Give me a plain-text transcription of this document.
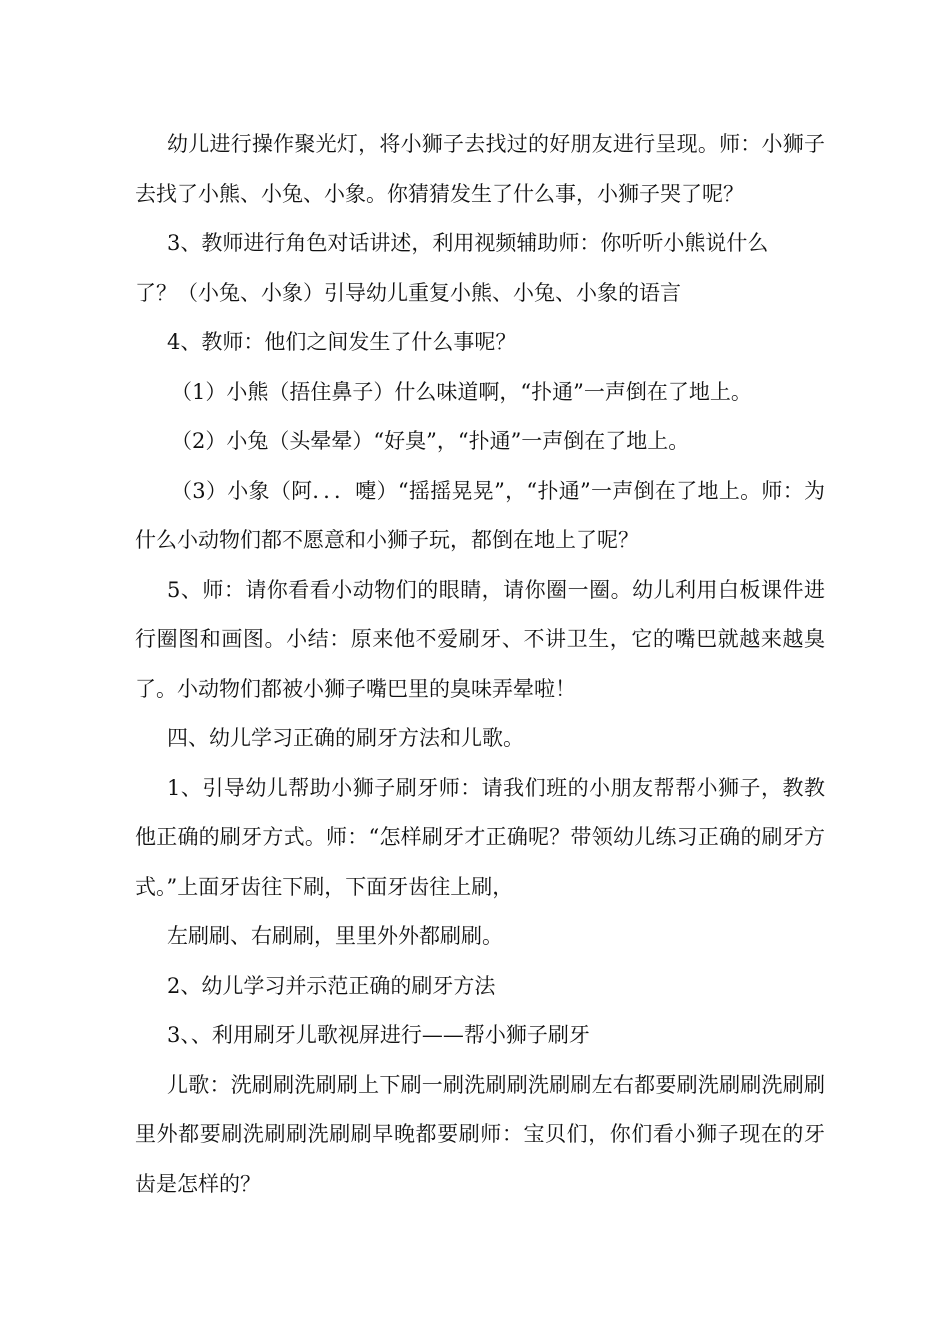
幼儿进行操作聚光灯，将小狮子去找过的好朋友进行呈现。师：小狮子去找了小熊、小兔、小象。你猜猜发生了什么事，小狮子哭了呢？

3、教师进行角色对话讲述，利用视频辅助师：你听听小熊说什么

了？（小兔、小象）引导幼儿重复小熊、小兔、小象的语言

4、教师：他们之间发生了什么事呢？

（1）小熊（捂住鼻子）什么味道啊，“扑通”一声倒在了地上。

（2）小兔（头晕晕）“好臭”，“扑通”一声倒在了地上。

（3）小象（阿．．．嚏）“摇摇晃晃”，“扑通”一声倒在了地上。师：为什么小动物们都不愿意和小狮子玩，都倒在地上了呢？

5、师：请你看看小动物们的眼睛，请你圈一圈。幼儿利用白板课件进行圈图和画图。小结：原来他不爱刷牙、不讲卫生，它的嘴巴就越来越臭了。小动物们都被小狮子嘴巴里的臭味弄晕啦！

四、幼儿学习正确的刷牙方法和儿歌。

1、引导幼儿帮助小狮子刷牙师：请我们班的小朋友帮帮小狮子，教教他正确的刷牙方式。师：“怎样刷牙才正确呢？带领幼儿练习正确的刷牙方式。”上面牙齿往下刷，下面牙齿往上刷，

左刷刷、右刷刷，里里外外都刷刷。

2、幼儿学习并示范正确的刷牙方法

3、、利用刷牙儿歌视屏进行——帮小狮子刷牙

儿歌：洗刷刷洗刷刷上下刷一刷洗刷刷洗刷刷左右都要刷洗刷刷洗刷刷里外都要刷洗刷刷洗刷刷早晚都要刷师：宝贝们，你们看小狮子现在的牙齿是怎样的？
